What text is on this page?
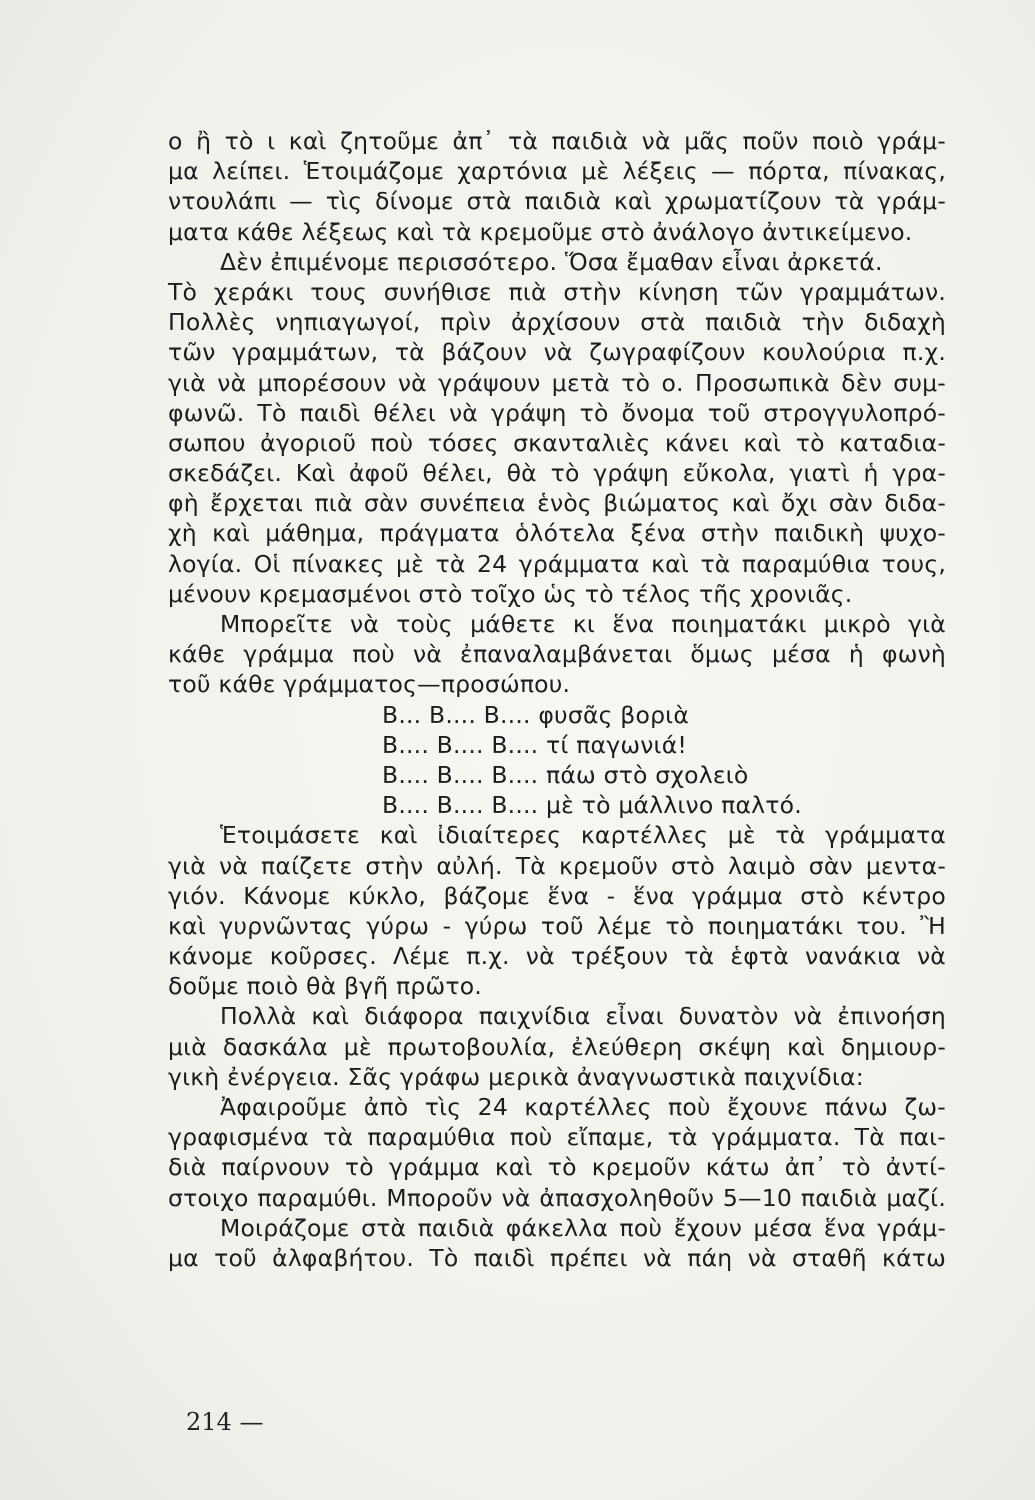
ο ἢ τὸ ι καὶ ζητοῦμε ἀπ᾿ τὰ παιδιὰ νὰ μᾶς ποῦν ποιὸ γράμ-
μα λείπει. Ἑτοιμάζομε χαρτόνια μὲ λέξεις — πόρτα, πίνακας,
ντουλάπι — τὶς δίνομε στὰ παιδιὰ καὶ χρωματίζουν τὰ γράμ-
ματα κάθε λέξεως καὶ τὰ κρεμοῦμε στὸ ἀνάλογο ἀντικείμενο.
Δὲν ἐπιμένομε περισσότερο. Ὅσα ἔμαθαν εἶναι ἀρκετά.
Τὸ χεράκι τους συνήθισε πιὰ στὴν κίνηση τῶν γραμμάτων.
Πολλὲς νηπιαγωγοί, πρὶν ἀρχίσουν στὰ παιδιὰ τὴν διδαχὴ
τῶν γραμμάτων, τὰ βάζουν νὰ ζωγραφίζουν κουλούρια π.χ.
γιὰ νὰ μπορέσουν νὰ γράψουν μετὰ τὸ ο. Προσωπικὰ δὲν συμ-
φωνῶ. Τὸ παιδὶ θέλει νὰ γράψη τὸ ὄνομα τοῦ στρογγυλοπρό-
σωπου ἀγοριοῦ ποὺ τόσες σκανταλιὲς κάνει καὶ τὸ καταδια-
σκεδάζει. Καὶ ἀφοῦ θέλει, θὰ τὸ γράψη εὔκολα, γιατὶ ἡ γρα-
φὴ ἔρχεται πιὰ σὰν συνέπεια ἑνὸς βιώματος καὶ ὄχι σὰν διδα-
χὴ καὶ μάθημα, πράγματα ὁλότελα ξένα στὴν παιδικὴ ψυχο-
λογία. Οἱ πίνακες μὲ τὰ 24 γράμματα καὶ τὰ παραμύθια τους,
μένουν κρεμασμένοι στὸ τοῖχο ὡς τὸ τέλος τῆς χρονιᾶς.
Μπορεῖτε νὰ τοὺς μάθετε κι ἕνα ποιηματάκι μικρὸ γιὰ
κάθε γράμμα ποὺ νὰ ἐπαναλαμβάνεται ὅμως μέσα ἡ φωνὴ
τοῦ κάθε γράμματος—προσώπου.
Β... Β.... Β.... φυσᾶς βοριὰ
Β.... Β.... Β.... τί παγωνιά!
Β.... Β.... Β.... πάω στὸ σχολειὸ
Β.... Β.... Β.... μὲ τὸ μάλλινο παλτό.
Ἑτοιμάσετε καὶ ἰδιαίτερες καρτέλλες μὲ τὰ γράμματα
γιὰ νὰ παίζετε στὴν αὐλή. Τὰ κρεμοῦν στὸ λαιμὸ σὰν μεντα-
γιόν. Κάνομε κύκλο, βάζομε ἕνα - ἕνα γράμμα στὸ κέντρο
καὶ γυρνῶντας γύρω - γύρω τοῦ λέμε τὸ ποιηματάκι του. Ἢ
κάνομε κοῦρσες. Λέμε π.χ. νὰ τρέξουν τὰ ἑφτὰ νανάκια νὰ
δοῦμε ποιὸ θὰ βγῆ πρῶτο.
Πολλὰ καὶ διάφορα παιχνίδια εἶναι δυνατὸν νὰ ἐπινοήση
μιὰ δασκάλα μὲ πρωτοβουλία, ἐλεύθερη σκέψη καὶ δημιουρ-
γικὴ ἐνέργεια. Σᾶς γράφω μερικὰ ἀναγνωστικὰ παιχνίδια:
Ἀφαιροῦμε ἀπὸ τὶς 24 καρτέλλες ποὺ ἔχουνε πάνω ζω-
γραφισμένα τὰ παραμύθια ποὺ εἴπαμε, τὰ γράμματα. Τὰ παι-
διὰ παίρνουν τὸ γράμμα καὶ τὸ κρεμοῦν κάτω ἀπ᾿ τὸ ἀντί-
στοιχο παραμύθι. Μποροῦν νὰ ἀπασχοληθοῦν 5—10 παιδιὰ μαζί.
Μοιράζομε στὰ παιδιὰ φάκελλα ποὺ ἔχουν μέσα ἕνα γράμ-
μα τοῦ ἀλφαβήτου. Τὸ παιδὶ πρέπει νὰ πάη νὰ σταθῆ κάτω
214 —
